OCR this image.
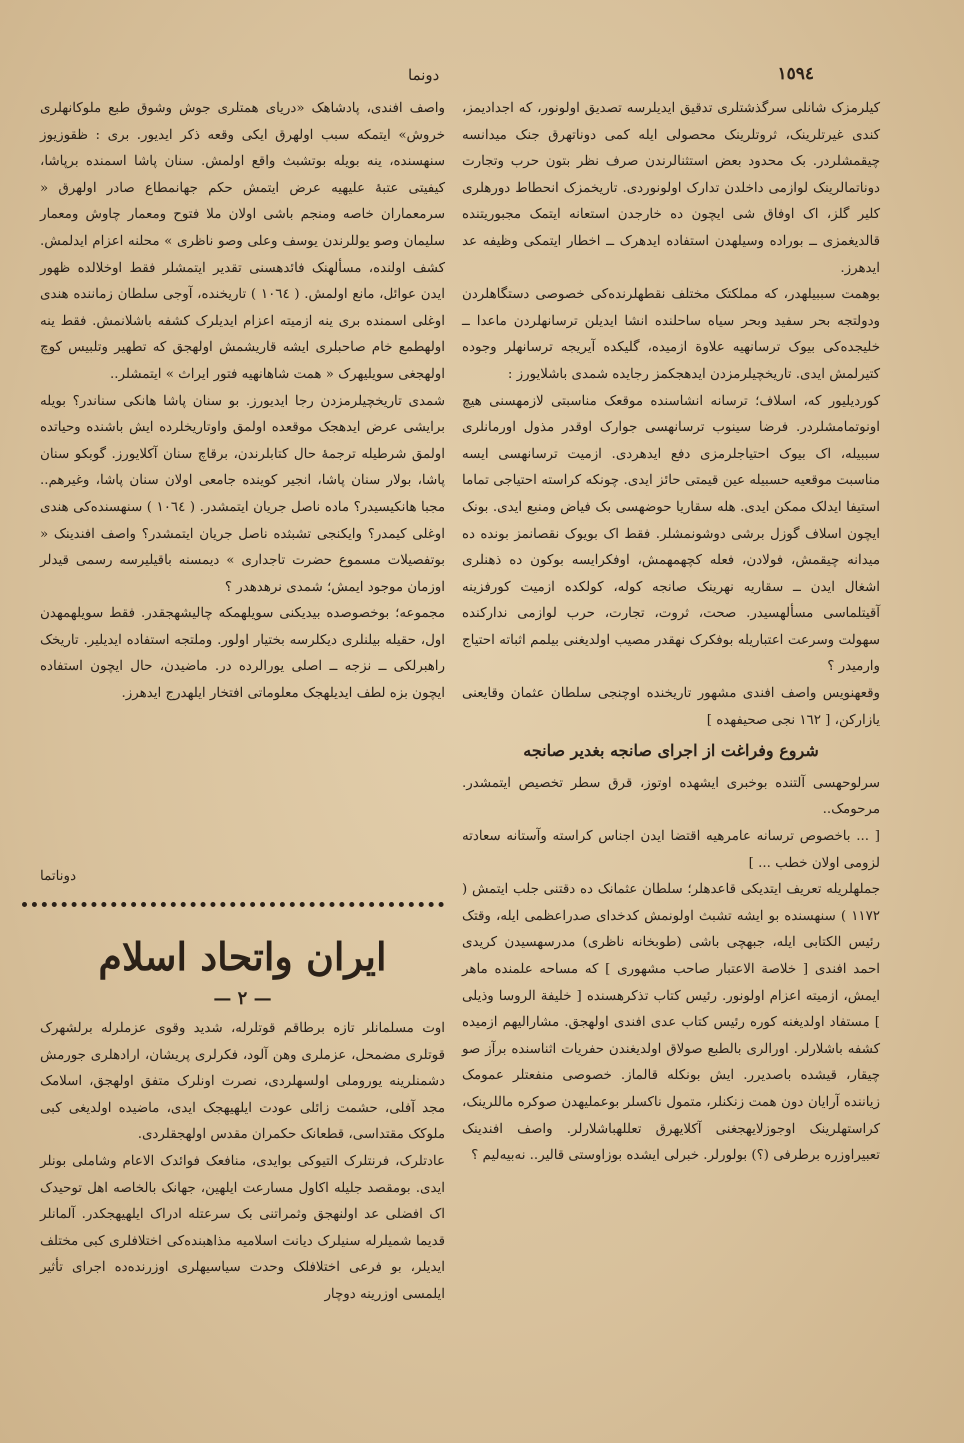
١٥٩٤
دونما

کیلرمزک شانلی سرگذشتلری تدقیق ایدیلرسه تصدیق اولونور، که اجدادیمز، کندی غیرتلرینک، ثروتلرینک محصولی ایله کمی دوناتهرق جنک میدانسه چیقمشلردر. بک محدود بعض استثنالرندن صرف نظر بتون حرب وتجارت دوناتمالرینک لوازمی داخلدن تدارک اولونوردی. تاریخمزک انحطاط دورهلری کلیر گلز، اک اوفاق شی ایچون ده خارجدن استعانه ایتمک مجبوریتنده قالدیغمزی ــ بوراده وسیلهدن استفاده ایدهرک ــ اخطار ایتمکی وظیفه عد ایدهرز.

بوهمت سببیلهدر، که مملکتک مختلف نقطهلرنده‌کی خصوصی دستگاهلردن ودولتجه بحر سفید وبحر سیاه ساحلنده انشا ایدیلن ترسانهلردن ماعدا ــ خلیجده‌کی بیوک ترسانهیه علاوة ازمیده، گلیکده آیریجه ترسانهلر وجوده کتیرلمش ایدی. تاریخچیلرمزدن ایدهجکمز رجایده شمدی باشلایورز :

کوردیلیور که، اسلاف؛ ترسانه انشاسنده موقعک مناسبتی لازمهسنی هیچ اونوتمامشلردر. فرضا سینوب ترسانهسی جوارک اوقدر مذول اورمانلری سببیله، اک بیوک احتیاجلرمزی دفع ایدهردی. ازمیت ترسانهسی ایسه مناسبت موقعیه حسبیله عین قیمتی حائز ایدی. چونکه کراسته احتیاجی تماما استیفا ایدلک ممکن ایدی. هله سقاریا حوضهسی بک فیاض ومنبع ایدی. بونک ایچون اسلاف گوزل برشی دوشونمشلر. فقط اک بویوک نقصانمز بونده ده میدانه چیقمش، فولادن، فعله کچهمهمش، اوفکرایسه بوکون ده ذهنلری اشغال ایدن ــ سقاریه نهرینک صانجه کوله، کولکده ازمیت کورفزینه آقیتلماسی مسألهسیدر. صحت، ثروت، تجارت، حرب لوازمی ندارکنده سهولت وسرعت اعتباریله بوفکرک نهقدر مصیب اولدیغنی بیلمم اثباته احتیاج وارمیدر ؟

وقعهنویس واصف افندی مشهور تاریخنده اوچنجی سلطان عثمان وقایعنی یازارکن، [ ١٦٢ نجی صحیفهده ]

شروع وفراغت از اجرای صانجه بغدیر صانجه

سرلوحهسی آلتنده بوخبری ایشهده اوتوز، قرق سطر تخصیص ایتمشدر. مرحومک..

[ ... باخصوص ترسانه عامرهیه اقتضا ایدن اجناس کراسته وآستانه سعادته لزومی اولان خطب ... ]

جملهلریله تعریف ایتدیکی قاعدهلر؛ سلطان عثمانک ده دقتنی جلب ایتمش ( ١١٧٢ ) سنهسنده بو ایشه تشبث اولونمش کدخدای صدراعظمی ایله، وقتک رئیس الکتابی ایله، جبهچی باشی (طوبخانه ناظری) مدرسهسیدن کریدی احمد افندی [ خلاصة الاعتبار صاحب مشهوری ] که مساحه علمنده ماهر ایمش، ازمیته اعزام اولونور. رئیس کتاب تذکرهسنده [ خلیفة الروسا وذیلی ] مستفاد اولدیغنه کوره رئیس کتاب عدی افندی اولهجق. مشارالیهم ازمیده کشفه باشلارلر. اورالری بالطبع صولاق اولدیغندن حفریات اثناسنده برآز صو چیقار، قیشده باصدیرر. ایش بونکله قالماز. خصوصی منفعتلر عمومک زیاننده آرایان دون همت زنکنلر، متمول ناکسلر بوعملیهدن صوکره ماللرینک، کراستهلرینک اوجوزلایهجغنی آکلایهرق تعللهباشلارلر. واصف افندینک تعبیراوزره برطرفی (؟) بولورلر. خبرلی ایشده بوزاوستی قالیر.. نه‌بیه‌لیم ؟

واصف افندی، پادشاهک «دریای همتلری جوش وشوق طبع ملوکانهلری خروش» ایتمکه سبب اولهرق ایکی وقعه ذکر ایدیور. بری : ظقوزیوز سنهسنده، ینه بویله بوتشبث واقع اولمش. سنان پاشا اسمنده برپاشا، کیفیتی عتبۀ علیهیه عرض ایتمش حکم جهانمطاع صادر اولهرق « سرمعماران خاصه ومنجم باشی اولان ملا فتوح ومعمار چاوش ومعمار سلیمان وصو یوللرندن یوسف وعلی وصو ناظری » محلنه اعزام ایدلمش. کشف اولنده، مسألهنک فائدهسنی تقدیر ایتمشلر فقط اوخلالده ظهور ایدن عوائل، مانع اولمش. ( ١٠٦٤ ) تاریخنده، آوجی سلطان زماننده هندی اوغلی اسمنده بری ینه ازمیته اعزام ایدیلرک کشفه باشلانمش. فقط ینه اولهطمع خام صاحبلری ایشه قاریشمش اولهجق که تطهیر وتلبیس کوچ اولهجغی سویلیهرک « همت شاهانهیه فتور ایراث » ایتمشلر..

شمدی تاریخچیلرمزدن رجا ایدیورز. بو سنان پاشا هانکی سناندر؟ بویله برایشی عرض ایدهجک موقعده اولمق واوتاریخلرده ایش باشنده وحیاتده اولمق شرطیله ترجمۀ حال کتابلرندن، برقاچ سنان آکلایورز. گوبکو سنان پاشا، بولار سنان پاشا، انجیر کوینده جامعی اولان سنان پاشا، وغیرهم.. مجبا هانکیسیدر؟ ماده ناصل جریان ایتمشدر. ( ١٠٦٤ ) سنهسنده‌کی هندی اوغلی کیمدر؟ وایکنجی تشبثده ناصل جریان ایتمشدر؟ واصف افندینک « بوتفصیلات مسموع حضرت تاجداری » دیمسنه باقیلیرسه رسمی قیدلر اوزمان موجود ایمش؛ شمدی نرهدهدر ؟

مجموعه؛ بوخصوصده بیدیکنی سویلهمکه چالیشهجقدر. فقط سویلهمهدن اول، حقیله بیلنلری دیکلرسه بختیار اولور. وملتجه استفاده ایدیلیر. تاریخک راهبرلکی ــ نزجه ــ اصلی یورالرده در. ماضیدن، حال ایچون استفاده ایچون بزه لطف ایدیلهجک معلوماتی افتخار ایلهدرج ایدهرز.

دوناتما
ایران واتحاد اسلام
— ٢ —

اوت مسلمانلر تازه برطاقم قوتلرله، شدید وقوی عزملرله برلشهرک قوتلری مضمحل، عزملری وهن آلود، فکرلری پریشان، ارادهلری جورمش دشمنلرینه یوروملی اولسهلردی، نصرت اونلرک متفق اولهجق، اسلامک مجد آفلی، حشمت زائلی عودت ایلهیهجک ایدی، ماضیده اولدیغی کبی ملوکک مقتداسی، قطعانک حکمران مقدس اولهجقلردی.

عادتلرک، فرنتلرک التیوکی بوایدی، منافعک فوائدک الاعام وشاملی بونلر ایدی. بومقصد جلیله اکاول مسارعت ایلهین، جهانک بالخاصه اهل توحیدک اک افضلی عد اولنهجق وثمراتنی بک سرعتله ادراک ایلهیهجکدر. آلمانلر قدیما شمیلرله سنیلرک دیانت اسلامیه مذاهبنده‌کی اختلافلری کبی مختلف ایدیلر، بو فرعی اختلافلک وحدت سیاسیهلری اوزرنده‌ده اجرای تأثیر ایلمسی اوزرینه دوچار
